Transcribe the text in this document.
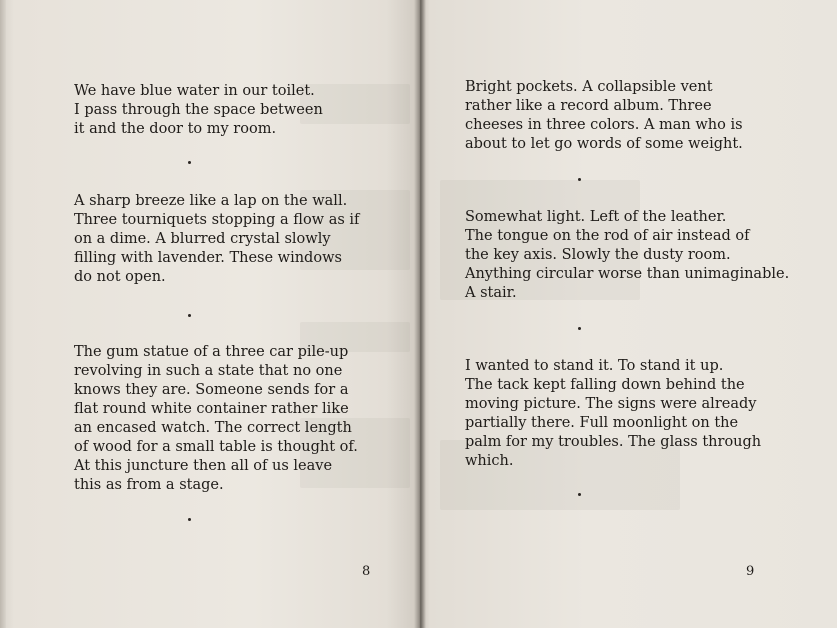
We have blue water in our toilet.
I pass through the space between
it and the door to my room.
A sharp breeze like a lap on the wall.
Three tourniquets stopping a flow as if
on a dime. A blurred crystal slowly
filling with lavender. These windows
do not open.
The gum statue of a three car pile-up
revolving in such a state that no one
knows they are. Someone sends for a
flat round white container rather like
an encased watch. The correct length
of wood for a small table is thought of.
At this juncture then all of us leave
this as from a stage.
8
Bright pockets. A collapsible vent
rather like a record album. Three
cheeses in three colors. A man who is
about to let go words of some weight.
Somewhat light. Left of the leather.
The tongue on the rod of air instead of
the key axis. Slowly the dusty room.
Anything circular worse than unimaginable.
A stair.
I wanted to stand it. To stand it up.
The tack kept falling down behind the
moving picture. The signs were already
partially there. Full moonlight on the
palm for my troubles. The glass through
which.
9
